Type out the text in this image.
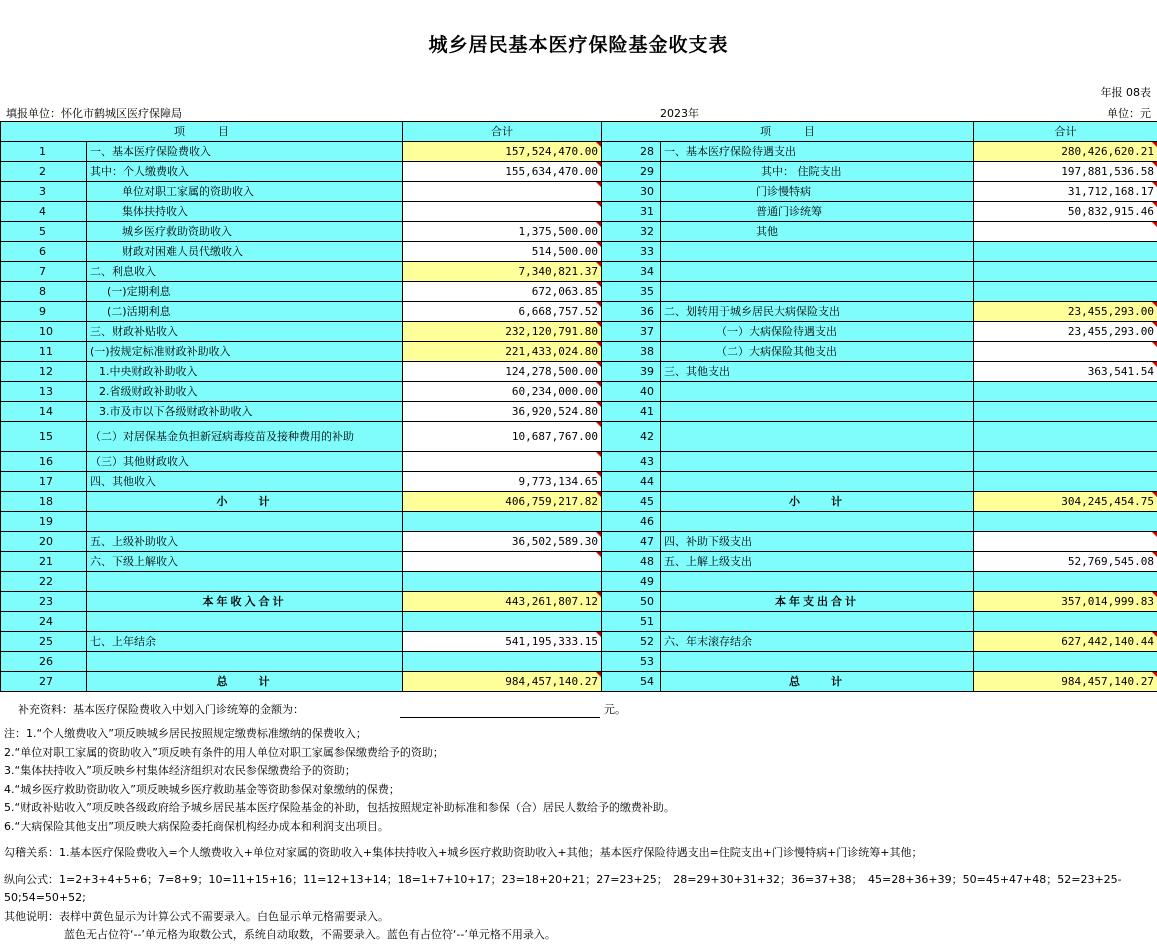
城乡居民基本医疗保险基金收支表
年报 08表
填报单位：怀化市鹤城区医疗保障局	2023年	单位：元
项　　　目		合计	项　　　目		合计
1	一、基本医疗保险费收入	157,524,470.00	28	一、基本医疗保险待遇支出	280,426,620.21
2	其中：个人缴费收入	155,634,470.00	29	其中： 住院支出	197,881,536.58
3	单位对职工家属的资助收入		30	门诊慢特病	31,712,168.17
4	集体扶持收入		31	普通门诊统筹	50,832,915.46
5	城乡医疗救助资助收入	1,375,500.00	32	其他	
6	财政对困难人员代缴收入	514,500.00	33		
7	二、利息收入	7,340,821.37	34		
8	(一)定期利息	672,063.85	35		
9	(二)活期利息	6,668,757.52	36	二、划转用于城乡居民大病保险支出	23,455,293.00
10	三、财政补贴收入	232,120,791.80	37	（一）大病保险待遇支出	23,455,293.00
11	(一)按规定标准财政补助收入	221,433,024.80	38	（二）大病保险其他支出	
12	1.中央财政补助收入	124,278,500.00	39	三、其他支出	363,541.54
13	2.省级财政补助收入	60,234,000.00	40		
14	3.市及市以下各级财政补助收入	36,920,524.80	41		
15	（二）对居保基金负担新冠病毒疫苗及接种费用的补助	10,687,767.00	42		
16	（三）其他财政收入		43		
17	四、其他收入	9,773,134.65	44		
18	小　　计	406,759,217.82	45	小　　计	304,245,454.75
19			46		
20	五、上级补助收入	36,502,589.30	47	四、补助下级支出	
21	六、下级上解收入		48	五、上解上级支出	52,769,545.08
22			49		
23	本年收入合计	443,261,807.12	50	本年支出合计	357,014,999.83
24			51		
25	七、上年结余	541,195,333.15	52	六、年末滚存结余	627,442,140.44
26			53		
27	总　　计	984,457,140.27	54	总　　计	984,457,140.27
补充资料：基本医疗保险费收入中划入门诊统筹的金额为：	元。
注：1.“个人缴费收入”项反映城乡居民按照规定缴费标准缴纳的保费收入；
2.“单位对职工家属的资助收入”项反映有条件的用人单位对职工家属参保缴费给予的资助；
3.“集体扶持收入”项反映乡村集体经济组织对农民参保缴费给予的资助；
4.“城乡医疗救助资助收入”项反映城乡医疗救助基金等资助参保对象缴纳的保费；
5.“财政补贴收入”项反映各级政府给予城乡居民基本医疗保险基金的补助，包括按照规定补助标准和参保（合）居民人数给予的缴费补助。
6.“大病保险其他支出”项反映大病保险委托商保机构经办成本和利润支出项目。
勾稽关系：1.基本医疗保险费收入=个人缴费收入+单位对家属的资助收入+集体扶持收入+城乡医疗救助资助收入+其他；基本医疗保险待遇支出=住院支出+门诊慢特病+门诊统筹+其他；
纵向公式：1=2+3+4+5+6；7=8+9；10=11+15+16；11=12+13+14；18=1+7+10+17；23=18+20+21；27=23+25；　28=29+30+31+32；36=37+38；　45=28+36+39；50=45+47+48；52=23+25-
50;54=50+52;
其他说明：表样中黄色显示为计算公式不需要录入。白色显示单元格需要录入。
蓝色无占位符‘--’单元格为取数公式，系统自动取数，不需要录入。蓝色有占位符‘--’单元格不用录入。
